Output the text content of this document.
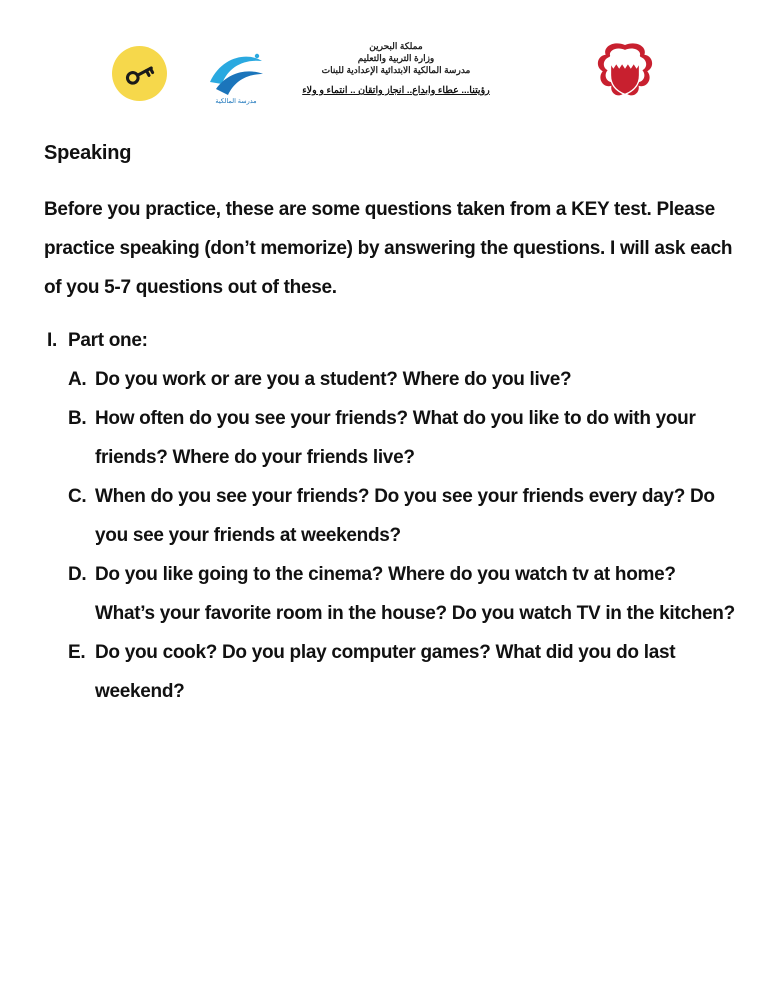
مدرسة المالكية
مملكة البحرين
وزارة التربية والتعليم
مدرسة المالكية الابتدائية الإعدادية للبنات
رؤيتنا... عطاء وابداع.. انجاز واتقان .. انتماء و ولاء
Speaking

Before you practice, these are some questions taken from a KEY test. Please practice speaking (don’t memorize) by answering the questions. I will ask each of you 5-7 questions out of these.

I. Part one:
A. Do you work or are you a student? Where do you live?
B. How often do you see your friends? What do you like to do with your friends? Where do your friends live?
C. When do you see your friends? Do you see your friends every day? Do you see your friends at weekends?
D. Do you like going to the cinema? Where do you watch tv at home? What’s your favorite room in the house? Do you watch TV in the kitchen?
E. Do you cook? Do you play computer games? What did you do last weekend?
